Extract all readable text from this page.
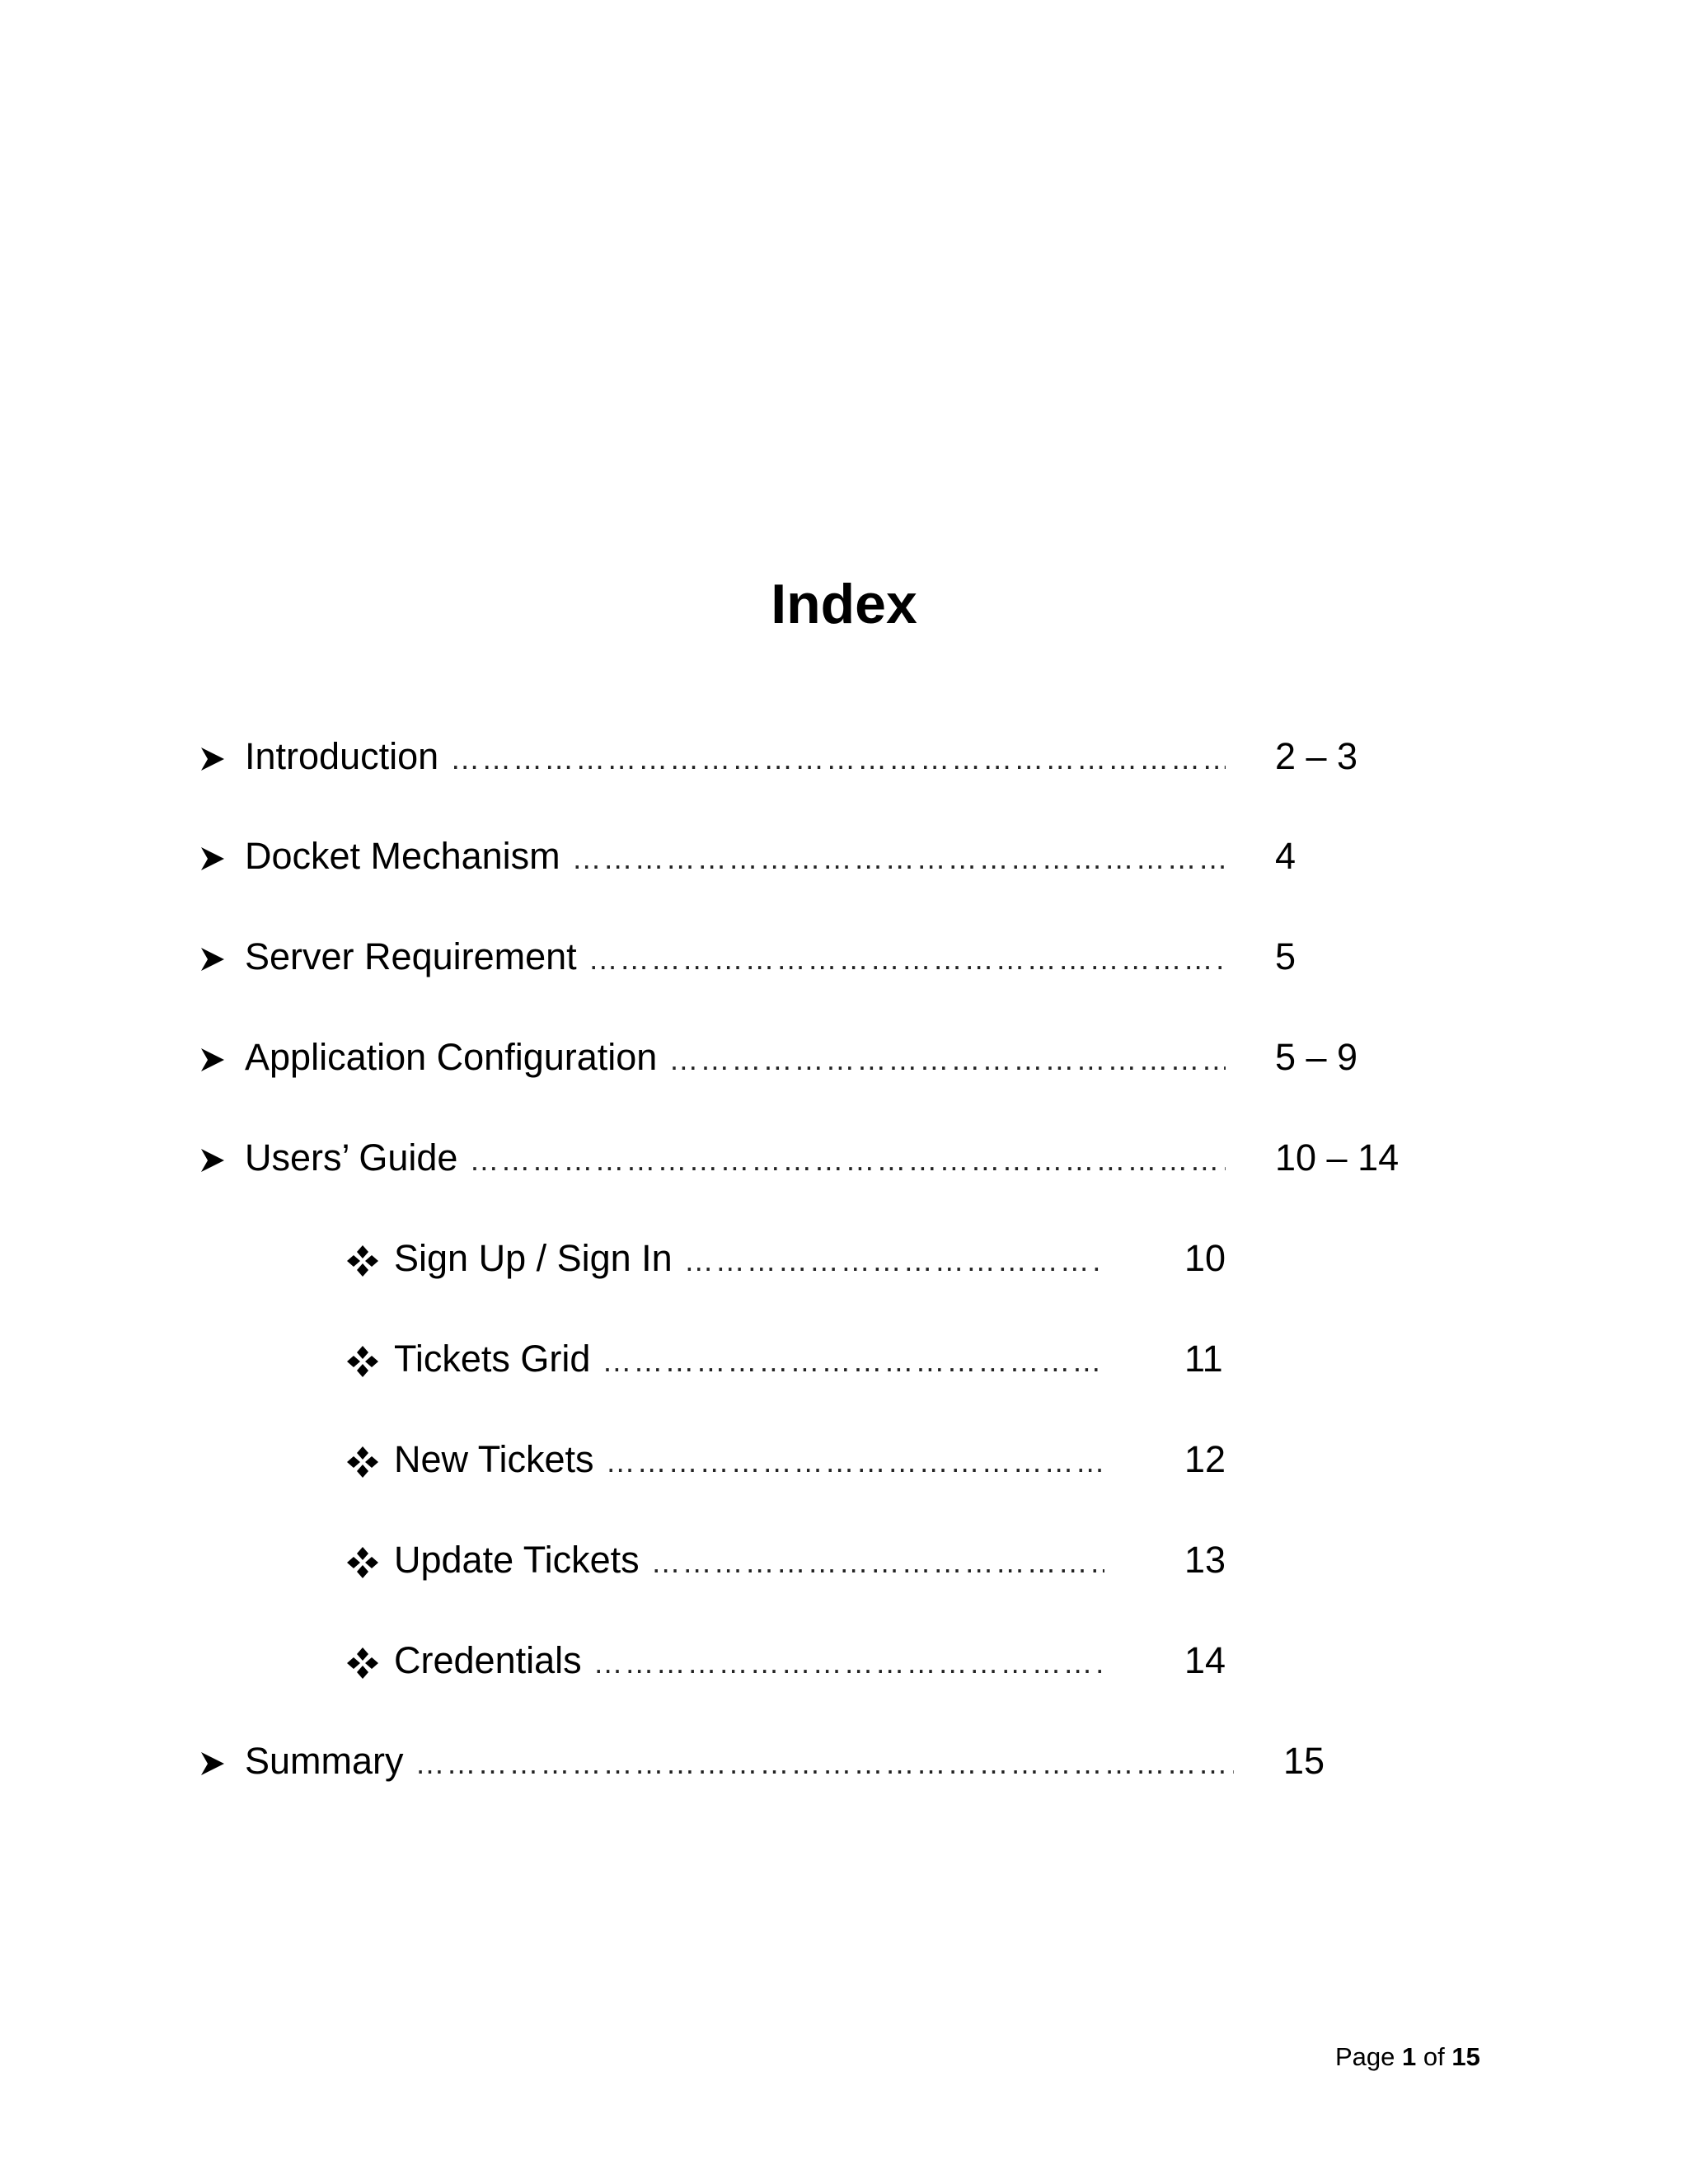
Index
Introduction ……………………………………………………………………………………………………………………………………………………………………………………………………	2 – 3
Docket Mechanism ……………………………………………………………………………………………………………………………………………………………………………………………………	4
Server Requirement ……………………………………………………………………………………………………………………………………………………………………………………………………	5
Application Configuration ……………………………………………………………………………………………………………………………………………………………………………………………………	5 – 9
Users’ Guide ……………………………………………………………………………………………………………………………………………………………………………………………………	10 – 14
Sign Up / Sign In ……………………………………………………………………………………………………………………………………………………………………………………………………	10
Tickets Grid ……………………………………………………………………………………………………………………………………………………………………………………………………	11
New Tickets ……………………………………………………………………………………………………………………………………………………………………………………………………	12
Update Tickets ……………………………………………………………………………………………………………………………………………………………………………………………………	13
Credentials ……………………………………………………………………………………………………………………………………………………………………………………………………	14
Summary ……………………………………………………………………………………………………………………………………………………………………………………………………	15
Page 1 of 15
